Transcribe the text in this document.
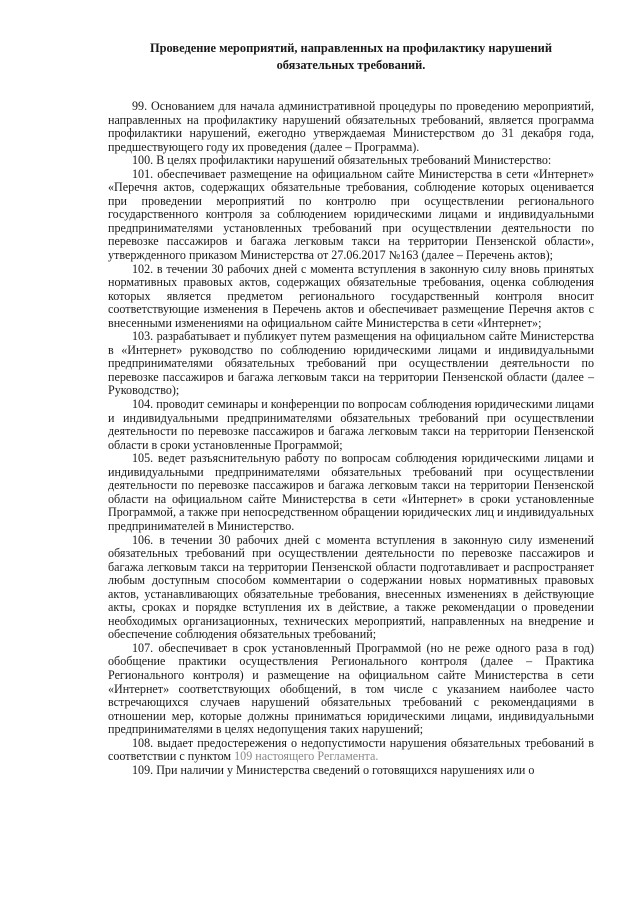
Проведение мероприятий, направленных на профилактику нарушений
обязательных требований.

99. Основанием для начала административной процедуры по проведению мероприятий, направленных на профилактику нарушений обязательных требований, является программа профилактики нарушений, ежегодно утверждаемая Министерством до 31 декабря года, предшествующего году их проведения (далее – Программа).

100. В целях профилактики нарушений обязательных требований Министерство:

101. обеспечивает размещение на официальном сайте Министерства в сети «Интернет» «Перечня актов, содержащих обязательные требования, соблюдение которых оценивается при проведении мероприятий по контролю при осуществлении регионального государственного контроля за соблюдением юридическими лицами и индивидуальными предпринимателями установленных требований при осуществлении деятельности по перевозке пассажиров и багажа легковым такси на территории Пензенской области», утвержденного приказом Министерства от 27.06.2017 №163 (далее – Перечень актов);

102. в течении 30 рабочих дней с момента вступления в законную силу вновь принятых нормативных правовых актов, содержащих обязательные требования, оценка соблюдения которых является предметом регионального государственный контроля вносит соответствующие изменения в Перечень актов и обеспечивает размещение Перечня актов с внесенными изменениями на официальном сайте Министерства в сети «Интернет»;

103. разрабатывает и публикует путем размещения на официальном сайте Министерства в «Интернет» руководство по соблюдению юридическими лицами и индивидуальными предпринимателями обязательных требований при осуществлении деятельности по перевозке пассажиров и багажа легковым такси на территории Пензенской области (далее – Руководство);

104. проводит семинары и конференции по вопросам соблюдения юридическими лицами и индивидуальными предпринимателями обязательных требований при осуществлении деятельности по перевозке пассажиров и багажа легковым такси на территории Пензенской области в сроки установленные Программой;

105. ведет разъяснительную работу по вопросам соблюдения юридическими лицами и индивидуальными предпринимателями обязательных требований при осуществлении деятельности по перевозке пассажиров и багажа легковым такси на территории Пензенской области на официальном сайте Министерства в сети «Интернет» в сроки установленные Программой, а также при непосредственном обращении юридических лиц и индивидуальных предпринимателей в Министерство.

106. в течении 30 рабочих дней с момента вступления в законную силу изменений обязательных требований при осуществлении деятельности по перевозке пассажиров и багажа легковым такси на территории Пензенской области подготавливает и распространяет любым доступным способом комментарии о содержании новых нормативных правовых актов, устанавливающих обязательные требования, внесенных изменениях в действующие акты, сроках и порядке вступления их в действие, а также рекомендации о проведении необходимых организационных, технических мероприятий, направленных на внедрение и обеспечение соблюдения обязательных требований;

107. обеспечивает в срок установленный Программой (но не реже одного раза в год) обобщение практики осуществления Регионального контроля (далее – Практика Регионального контроля) и размещение на официальном сайте Министерства в сети «Интернет» соответствующих обобщений, в том числе с указанием наиболее часто встречающихся случаев нарушений обязательных требований с рекомендациями в отношении мер, которые должны приниматься юридическими лицами, индивидуальными предпринимателями в целях недопущения таких нарушений;

108. выдает предостережения о недопустимости нарушения обязательных требований в соответствии с пунктом 109 настоящего Регламента.

109. При наличии у Министерства сведений о готовящихся нарушениях или о
